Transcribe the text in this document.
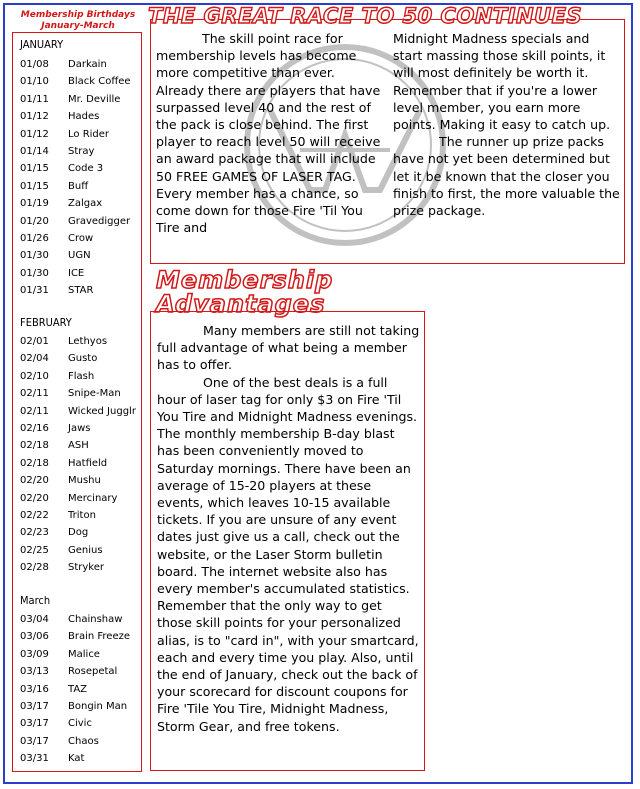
Membership Birthdays
January-March
JANUARY
01/08 Darkain
01/10 Black Coffee
01/11 Mr. Deville
01/12 Hades
01/12 Lo Rider
01/14 Stray
01/15 Code 3
01/15 Buff
01/19 Zalgax
01/20 Gravedigger
01/26 Crow
01/30 UGN
01/30 ICE
01/31 STAR
FEBRUARY
02/01 Lethyos
02/04 Gusto
02/10 Flash
02/11 Snipe-Man
02/11 Wicked Jugglr
02/16 Jaws
02/18 ASH
02/18 Hatfield
02/20 Mushu
02/20 Mercinary
02/22 Triton
02/23 Dog
02/25 Genius
02/28 Stryker
March
03/04 Chainshaw
03/06 Brain Freeze
03/09 Malice
03/13 Rosepetal
03/16 TAZ
03/17 Bongin Man
03/17 Civic
03/17 Chaos
03/31 Kat
THE GREAT RACE TO 50 CONTINUES

The skill point race for membership levels has become more competitive than ever. Already there are players that have surpassed level 40 and the rest of the pack is close behind. The first player to reach level 50 will receive an award package that will include 50 FREE GAMES OF LASER TAG. Every member has a chance, so come down for those Fire 'Til You Tire and

Midnight Madness specials and start massing those skill points, it will most definitely be worth it. Remember that if you're a lower level member, you earn more points. Making it easy to catch up.

The runner up prize packs have not yet been determined but let it be known that the closer you finish to first, the more valuable the prize package.

Membership
Advantages

Many members are still not taking full advantage of what being a member has to offer.

One of the best deals is a full hour of laser tag for only $3 on Fire 'Til You Tire and Midnight Madness evenings. The monthly membership B-day blast has been conveniently moved to Saturday mornings. There have been an average of 15-20 players at these events, which leaves 10-15 available tickets. If you are unsure of any event dates just give us a call, check out the website, or the Laser Storm bulletin board. The internet website also has every member's accumulated statistics. Remember that the only way to get those skill points for your personalized alias, is to "card in", with your smartcard, each and every time you play. Also, until the end of January, check out the back of your scorecard for discount coupons for Fire 'Tile You Tire, Midnight Madness, Storm Gear, and free tokens.
